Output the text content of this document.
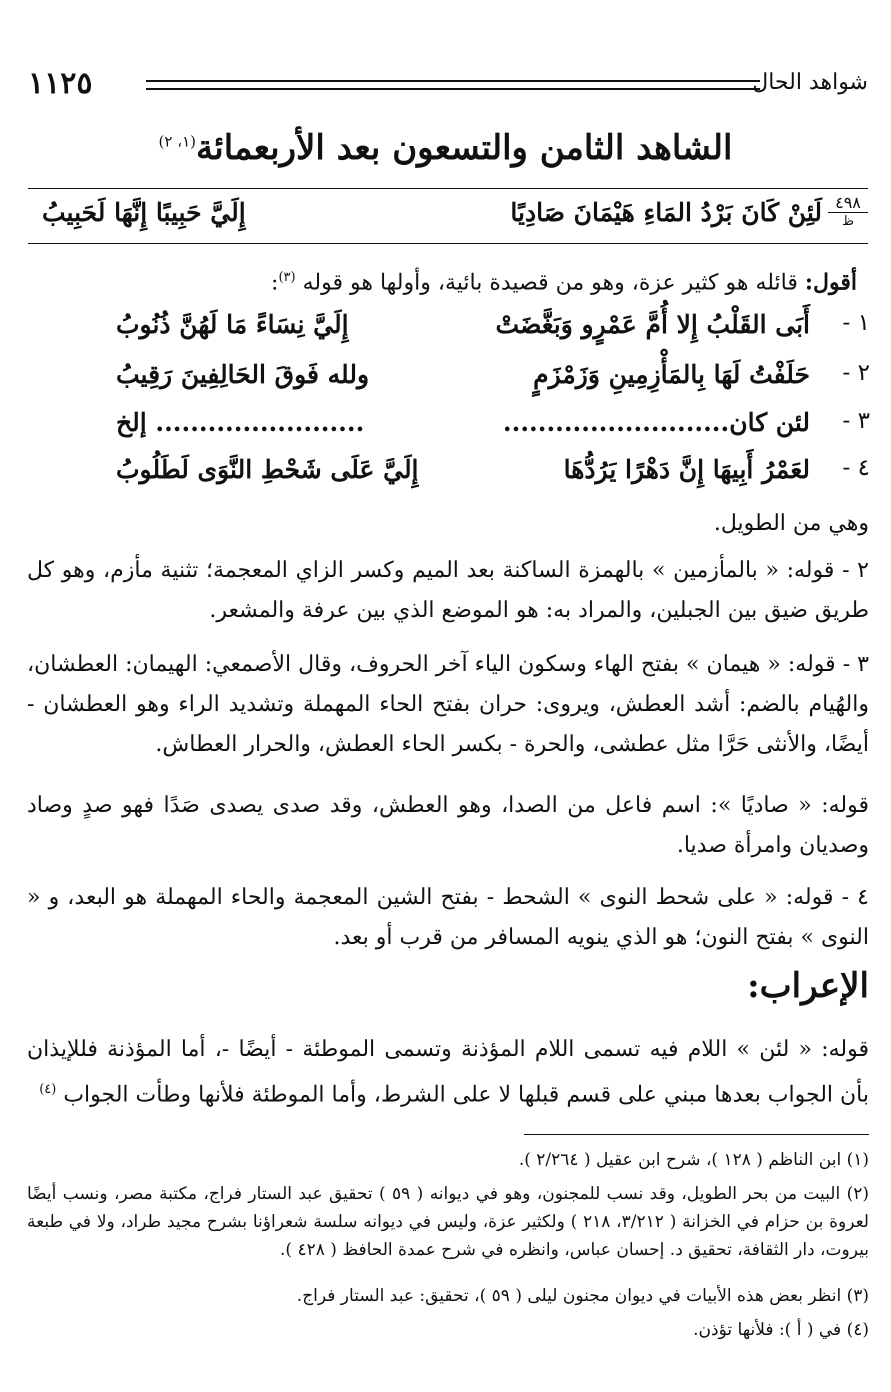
١١٢٥	شواهد الحال
الشاهد الثامن والتسعون بعد الأربعمائة$^{(١، ٢)}$
٤٩٨
ظ
لَئِنْ كَانَ بَرْدُ المَاءِ هَيْمَانَ صَادِيًا
إِلَيَّ حَبِيبًا إِنَّهَا لَحَبِيبُ
أقول: قائله هو كثير عزة، وهو من قصيدة بائية، وأولها هو قوله $^{(٣)}$:
١ -
أَبَى القَلْبُ إِلا أُمَّ عَمْرٍو وَبَغَّضَتْ
إِلَيَّ نِسَاءً مَا لَهُنَّ ذُنُوبُ
٢ -
حَلَفْتُ لَهَا بِالمَأْزِمِينِ وَزَمْزَمٍ
ولله فَوقَ الحَالِفِينَ رَقِيبُ
٣ -
لئن كان..........................
........................ إلخ
٤ -
لعَمْرُ أَبِيهَا إِنَّ دَهْرًا يَرُدُّهَا
إِلَيَّ عَلَى شَحْطِ النَّوَى لَطَلُوبُ
وهي من الطويل.
٢ - قوله: « بالمأزمين » بالهمزة الساكنة بعد الميم وكسر الزاي المعجمة؛ تثنية مأزم، وهو كل طريق ضيق بين الجبلين، والمراد به: هو الموضع الذي بين عرفة والمشعر.
٣ - قوله: « هيمان » بفتح الهاء وسكون الياء آخر الحروف، وقال الأصمعي: الهيمان: العطشان، والهُيام بالضم: أشد العطش، ويروى: حران بفتح الحاء المهملة وتشديد الراء وهو العطشان - أيضًا، والأنثى حَرَّا مثل عطشى، والحرة - بكسر الحاء العطش، والحرار العطاش.
قوله: « صاديًا »: اسم فاعل من الصدا، وهو العطش، وقد صدى يصدى صَدًا فهو صدٍ وصاد وصديان وامرأة صديا.
٤ - قوله: « على شحط النوى » الشحط - بفتح الشين المعجمة والحاء المهملة هو البعد، و « النوى » بفتح النون؛ هو الذي ينويه المسافر من قرب أو بعد.
الإعراب:
قوله: « لئن » اللام فيه تسمى اللام المؤذنة وتسمى الموطئة - أيضًا -، أما المؤذنة فللإيذان بأن الجواب بعدها مبني على قسم قبلها لا على الشرط، وأما الموطئة فلأنها وطأت الجواب $^{(٤)}$
(١) ابن الناظم ( ١٢٨ )، شرح ابن عقيل ( ٢/٢٦٤ ).
(٢) البيت من بحر الطويل، وقد نسب للمجنون، وهو في ديوانه ( ٥٩ ) تحقيق عبد الستار فراج، مكتبة مصر، ونسب أيضًا لعروة بن حزام في الخزانة ( ٣/٢١٢، ٢١٨ ) ولكثير عزة، وليس في ديوانه سلسة شعراؤنا بشرح مجيد طراد، ولا في طبعة بيروت، دار الثقافة، تحقيق د. إحسان عباس، وانظره في شرح عمدة الحافظ ( ٤٢٨ ).
(٣) انظر بعض هذه الأبيات في ديوان مجنون ليلى ( ٥٩ )، تحقيق: عبد الستار فراج.
(٤) في ( أ ): فلأنها تؤذن.
